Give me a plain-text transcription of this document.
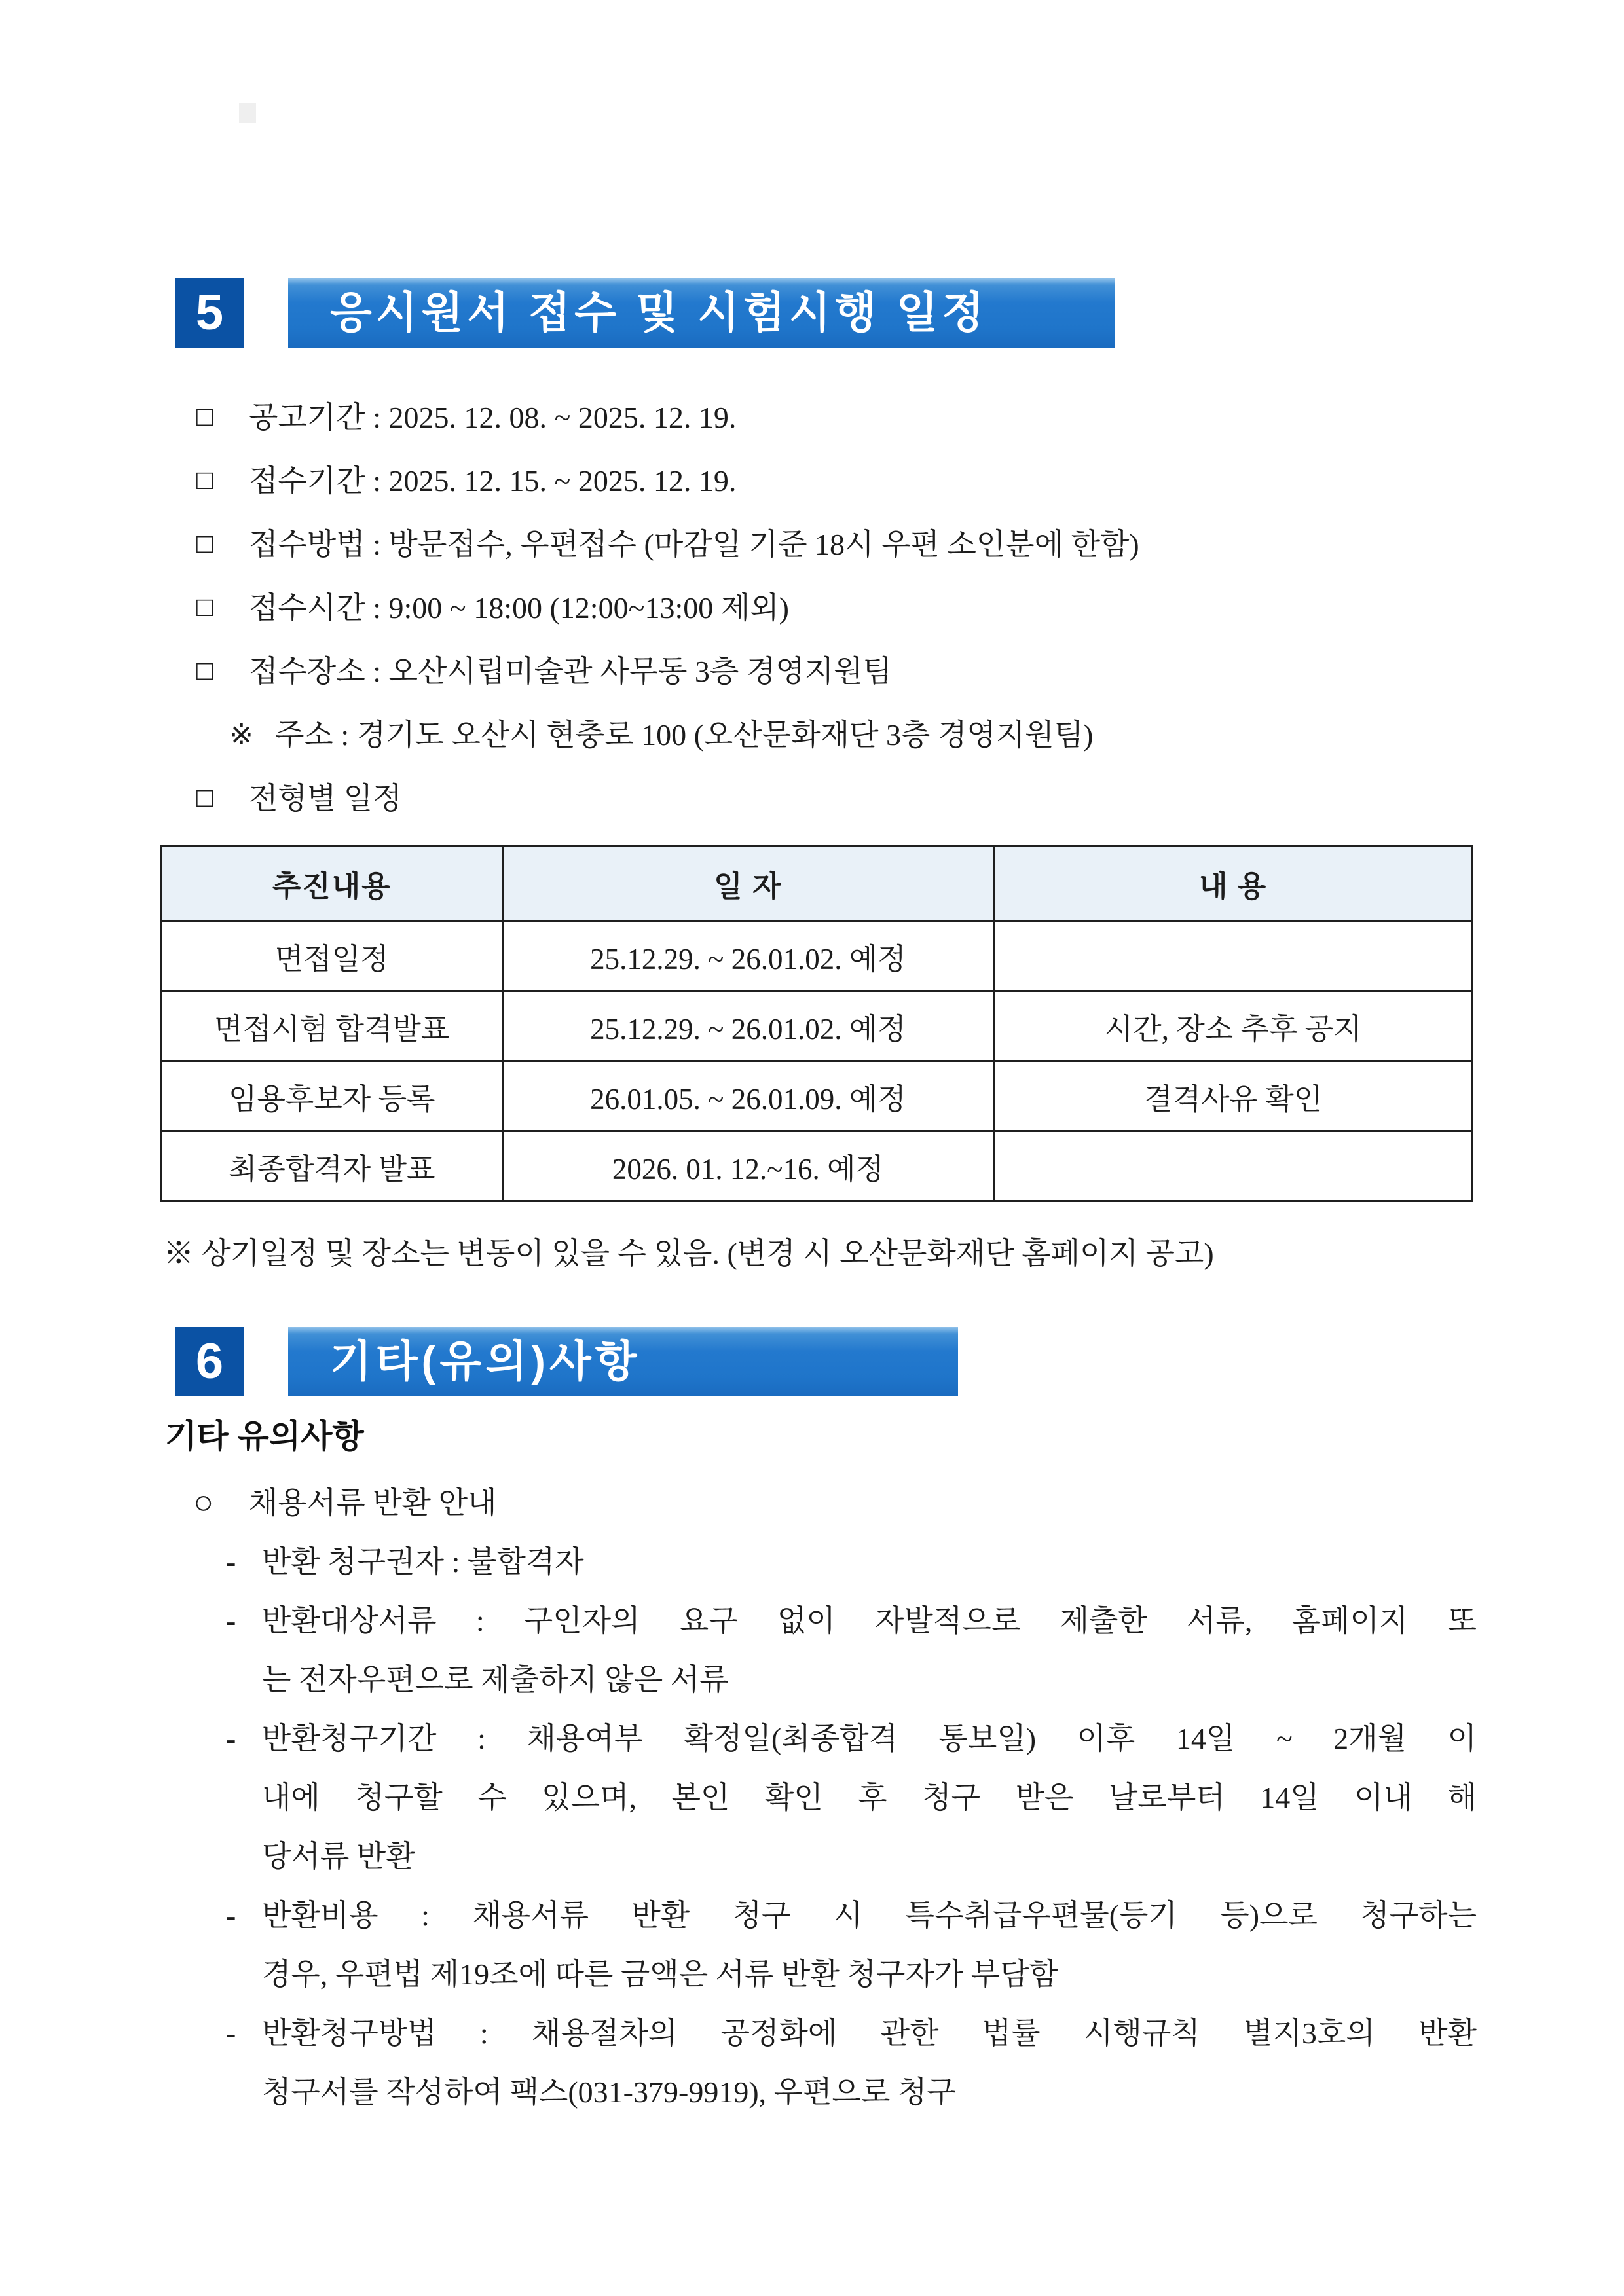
5	응시원서 접수 및 시험시행 일정
□	공고기간 : 2025. 12. 08. ~ 2025. 12. 19.
□	접수기간 : 2025. 12. 15. ~ 2025. 12. 19.
□	접수방법 : 방문접수, 우편접수 (마감일 기준 18시 우편 소인분에 한함)
□	접수시간 : 9:00 ~ 18:00 (12:00~13:00 제외)
□	접수장소 : 오산시립미술관 사무동 3층 경영지원팀
※ 주소 : 경기도 오산시 현충로 100 (오산문화재단 3층 경영지원팀)
□	전형별 일정
추진내용	일 자	내 용
면접일정	25.12.29. ~ 26.01.02. 예정	
면접시험 합격발표	25.12.29. ~ 26.01.02. 예정	시간, 장소 추후 공지
임용후보자 등록	26.01.05. ~ 26.01.09. 예정	결격사유 확인
최종합격자 발표	2026. 01. 12.~16. 예정	
※ 상기일정 및 장소는 변동이 있을 수 있음. (변경 시 오산문화재단 홈페이지 공고)
6	기타(유의)사항
기타 유의사항
○	채용서류 반환 안내
- 반환 청구권자 : 불합격자
- 반환대상서류 : 구인자의 요구 없이 자발적으로 제출한 서류, 홈페이지 또
는 전자우편으로 제출하지 않은 서류
- 반환청구기간 : 채용여부 확정일(최종합격 통보일) 이후 14일 ~ 2개월 이
내에 청구할 수 있으며, 본인 확인 후 청구 받은 날로부터 14일 이내 해
당서류 반환
- 반환비용 : 채용서류 반환 청구 시 특수취급우편물(등기 등)으로 청구하는
경우, 우편법 제19조에 따른 금액은 서류 반환 청구자가 부담함
- 반환청구방법 : 채용절차의 공정화에 관한 법률 시행규칙 별지3호의 반환
청구서를 작성하여 팩스(031-379-9919), 우편으로 청구
